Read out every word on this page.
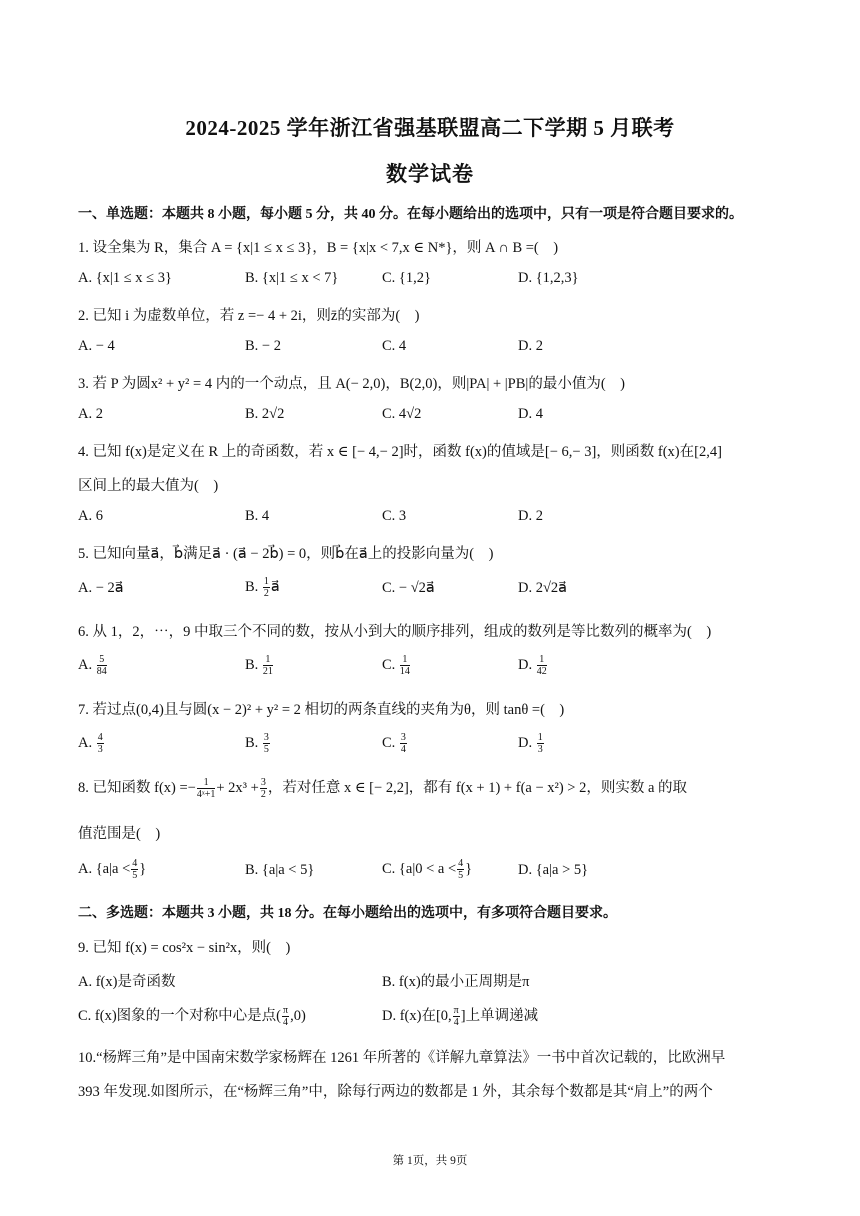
2024-2025 学年浙江省强基联盟高二下学期 5 月联考
数学试卷
一、单选题：本题共 8 小题，每小题 5 分，共 40 分。在每小题给出的选项中，只有一项是符合题目要求的。
1. 设全集为 R，集合 A = {x|1 ≤ x ≤ 3}，B = {x|x < 7,x ∈ N*}，则 A ∩ B =(　)
A. {x|1 ≤ x ≤ 3}	B. {x|1 ≤ x < 7}	C. {1,2}	D. {1,2,3}
2. 已知 i 为虚数单位，若 z =− 4 + 2i，则z̄的实部为(　)
A. − 4	B. − 2	C. 4	D. 2
3. 若 P 为圆x² + y² = 4 内的一个动点，且 A(− 2,0)，B(2,0)，则|PA| + |PB|的最小值为(　)
A. 2	B. 2√2	C. 4√2	D. 4
4. 已知 f(x)是定义在 R 上的奇函数，若 x ∈ [− 4,− 2]时，函数 f(x)的值域是[− 6,− 3]，则函数 f(x)在[2,4]
区间上的最大值为(　)
A. 6	B. 4	C. 3	D. 2
5. 已知向量a⃗，b⃗满足a⃗ · (a⃗ − 2b⃗) = 0，则b⃗在a⃗上的投影向量为(　)
A. − 2a⃗	B. $\frac{1}{2}$ a⃗	C. − √2a⃗	D. 2√2a⃗
6. 从 1，2，⋯，9 中取三个不同的数，按从小到大的顺序排列，组成的数列是等比数列的概率为(　)
A. $\frac{5}{84}$	B. $\frac{1}{21}$	C. $\frac{1}{14}$	D. $\frac{1}{42}$
7. 若过点(0,4)且与圆(x − 2)² + y² = 2 相切的两条直线的夹角为θ，则 tanθ =(　)
A. $\frac{4}{3}$	B. $\frac{3}{5}$	C. $\frac{3}{4}$	D. $\frac{1}{3}$
8. 已知函数 $f(x) =- \frac{1}{\text{4ˣ+1}} + 2x^3 + \frac{3}{2}$ ，若对任意 x ∈ [− 2,2]，都有 f(x + 1) + f(a − x²) > 2，则实数 a 的取
值范围是(　)
A. {$a|a < \frac{4}{5}$ }	B. {a|a < 5}	C. {$a|0 < a < \frac{4}{5}$ }	D. {a|a > 5}
二、多选题：本题共 3 小题，共 18 分。在每小题给出的选项中，有多项符合题目要求。
9. 已知 f(x) = cos²x − sin²x，则(　)
A. f(x)是奇函数	B. f(x)的最小正周期是π
C. f(x)图象的一个对称中心是点( $\frac{\pi}{4} ,0$)	D. f(x)在[0, $\frac{\pi}{4}$ ]上单调递减
10.“杨辉三角”是中国南宋数学家杨辉在 1261 年所著的《详解九章算法》一书中首次记载的，比欧洲早
393 年发现.如图所示，在“杨辉三角”中，除每行两边的数都是 1 外，其余每个数都是其“肩上”的两个
第 1页，共 9页
